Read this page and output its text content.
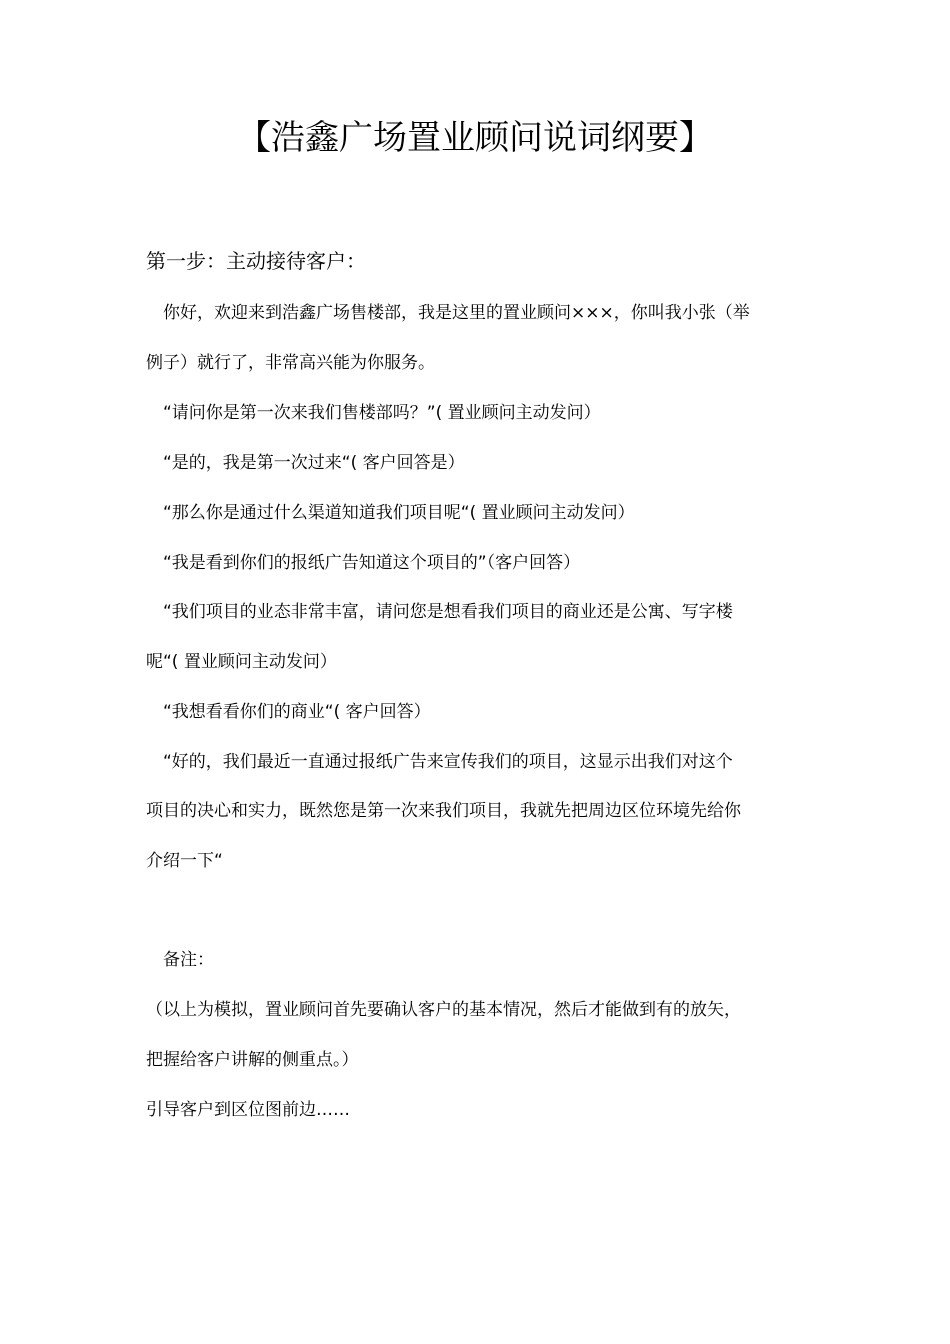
【浩鑫广场置业顾问说词纲要】
第一步：主动接待客户：
你好，欢迎来到浩鑫广场售楼部，我是这里的置业顾问×××，你叫我小张（举
例子）就行了，非常高兴能为你服务。
“请问你是第一次来我们售楼部吗？”( 置业顾问主动发问）
“是的，我是第一次过来“( 客户回答是）
“那么你是通过什么渠道知道我们项目呢“( 置业顾问主动发问）
“我是看到你们的报纸广告知道这个项目的”（客户回答）
“我们项目的业态非常丰富，请问您是想看我们项目的商业还是公寓、写字楼
呢“( 置业顾问主动发问）
“我想看看你们的商业“( 客户回答）
“好的，我们最近一直通过报纸广告来宣传我们的项目，这显示出我们对这个
项目的决心和实力，既然您是第一次来我们项目，我就先把周边区位环境先给你
介绍一下“
备注：
（以上为模拟，置业顾问首先要确认客户的基本情况，然后才能做到有的放矢，
把握给客户讲解的侧重点。）
引导客户到区位图前边……
